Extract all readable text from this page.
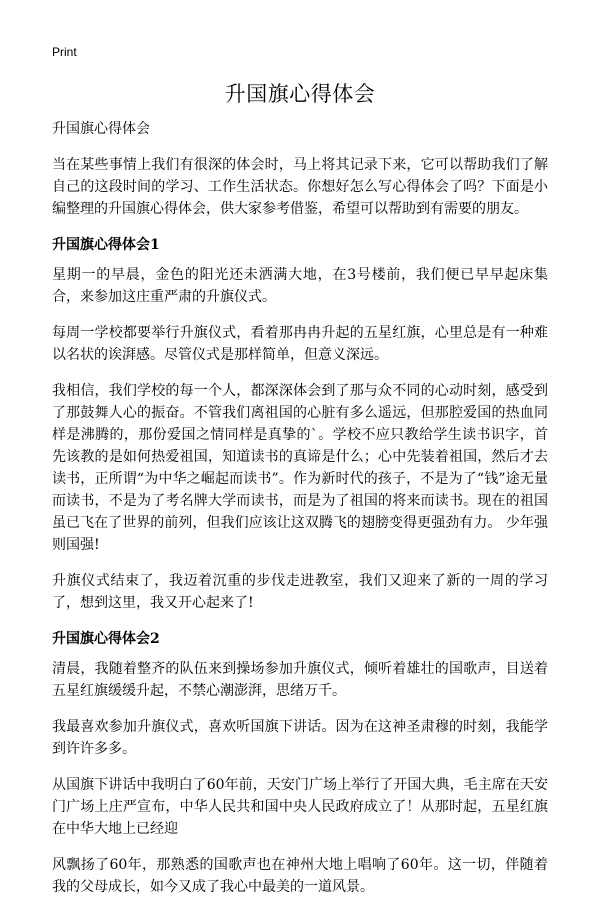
Print
升国旗心得体会

升国旗心得体会

当在某些事情上我们有很深的体会时，马上将其记录下来，它可以帮助我们了解自己的这段时间的学习、工作生活状态。你想好怎么写心得体会了吗？下面是小编整理的升国旗心得体会，供大家参考借鉴，希望可以帮助到有需要的朋友。

升国旗心得体会1

星期一的早晨，金色的阳光还未洒满大地，在3号楼前，我们便已早早起床集合，来参加这庄重严肃的升旗仪式。

每周一学校都要举行升旗仪式，看着那冉冉升起的五星红旗，心里总是有一种难以名状的诶湃感。尽管仪式是那样简单，但意义深远。

我相信，我们学校的每一个人，都深深体会到了那与众不同的心动时刻，感受到了那鼓舞人心的振奋。不管我们离祖国的心脏有多么遥远，但那腔爱国的热血同样是沸腾的，那份爱国之情同样是真挚的`。学校不应只教给学生读书识字，首先该教的是如何热爱祖国，知道读书的真谛是什么；心中先装着祖国，然后才去读书，正所谓“为中华之崛起而读书”。作为新时代的孩子，不是为了“钱”途无量而读书，不是为了考名牌大学而读书，而是为了祖国的将来而读书。现在的祖国虽已飞在了世界的前列，但我们应该让这双腾飞的翅膀变得更强劲有力。 少年强则国强!

升旗仪式结束了，我迈着沉重的步伐走进教室，我们又迎来了新的一周的学习了，想到这里，我又开心起来了!

升国旗心得体会2

清晨，我随着整齐的队伍来到操场参加升旗仪式，倾听着雄壮的国歌声，目送着五星红旗缓缓升起，不禁心潮澎湃，思绪万千。

我最喜欢参加升旗仪式，喜欢听国旗下讲话。因为在这神圣肃穆的时刻，我能学到许许多多。

从国旗下讲话中我明白了60年前，天安门广场上举行了开国大典，毛主席在天安门广场上庄严宣布，中华人民共和国中央人民政府成立了！从那时起，五星红旗在中华大地上已经迎

风飘扬了60年，那熟悉的国歌声也在神州大地上唱响了60年。这一切，伴随着我的父母成长，如今又成了我心中最美的一道风景。
